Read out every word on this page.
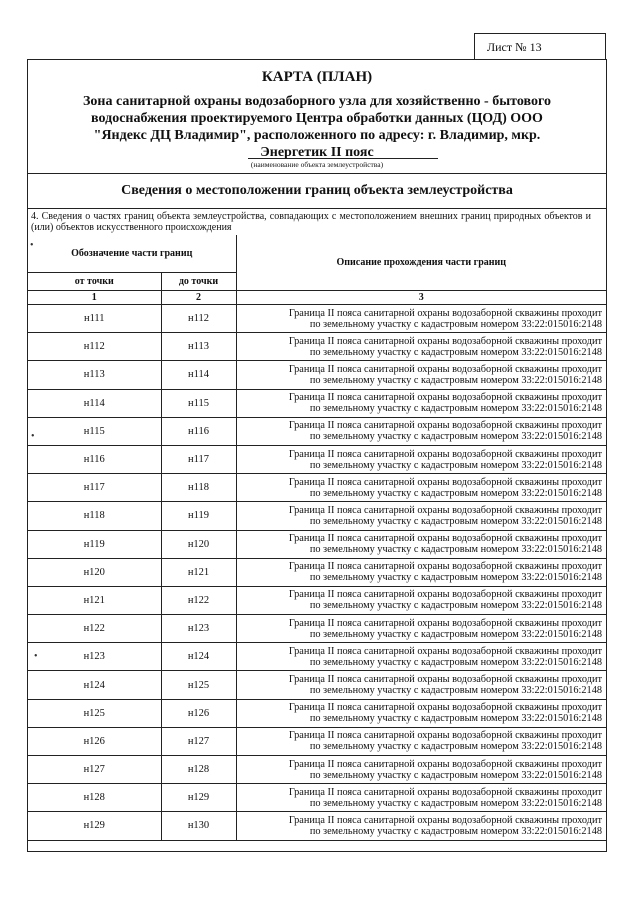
Лист № 13
КАРТА (ПЛАН)
Зона санитарной охраны водозаборного узла для хозяйственно - бытового водоснабжения проектируемого Центра обработки данных (ЦОД) ООО "Яндекс ДЦ Владимир", расположенного по адресу: г. Владимир, мкр. Энергетик II пояс
(наименование объекта землеустройства)
Сведения о местоположении границ объекта землеустройства
4. Сведения о частях границ объекта землеустройства, совпадающих с местоположением внешних границ природных объектов и (или) объектов искусственного происхождения
Обозначение части границ		Описание прохождения части границ
от точки	до точки	
1	2	3
н111	н112	Граница II пояса санитарной охраны водозаборной скважины проходит
по земельному участку с кадастровым номером 33:22:015016:2148

н112	н113	Граница II пояса санитарной охраны водозаборной скважины проходит
по земельному участку с кадастровым номером 33:22:015016:2148

н113	н114	Граница II пояса санитарной охраны водозаборной скважины проходит
по земельному участку с кадастровым номером 33:22:015016:2148

н114	н115	Граница II пояса санитарной охраны водозаборной скважины проходит
по земельному участку с кадастровым номером 33:22:015016:2148

н115	н116	Граница II пояса санитарной охраны водозаборной скважины проходит
по земельному участку с кадастровым номером 33:22:015016:2148

н116	н117	Граница II пояса санитарной охраны водозаборной скважины проходит
по земельному участку с кадастровым номером 33:22:015016:2148

н117	н118	Граница II пояса санитарной охраны водозаборной скважины проходит
по земельному участку с кадастровым номером 33:22:015016:2148

н118	н119	Граница II пояса санитарной охраны водозаборной скважины проходит
по земельному участку с кадастровым номером 33:22:015016:2148

н119	н120	Граница II пояса санитарной охраны водозаборной скважины проходит
по земельному участку с кадастровым номером 33:22:015016:2148

н120	н121	Граница II пояса санитарной охраны водозаборной скважины проходит
по земельному участку с кадастровым номером 33:22:015016:2148

н121	н122	Граница II пояса санитарной охраны водозаборной скважины проходит
по земельному участку с кадастровым номером 33:22:015016:2148

н122	н123	Граница II пояса санитарной охраны водозаборной скважины проходит
по земельному участку с кадастровым номером 33:22:015016:2148

н123	н124	Граница II пояса санитарной охраны водозаборной скважины проходит
по земельному участку с кадастровым номером 33:22:015016:2148

н124	н125	Граница II пояса санитарной охраны водозаборной скважины проходит
по земельному участку с кадастровым номером 33:22:015016:2148

н125	н126	Граница II пояса санитарной охраны водозаборной скважины проходит
по земельному участку с кадастровым номером 33:22:015016:2148

н126	н127	Граница II пояса санитарной охраны водозаборной скважины проходит
по земельному участку с кадастровым номером 33:22:015016:2148

н127	н128	Граница II пояса санитарной охраны водозаборной скважины проходит
по земельному участку с кадастровым номером 33:22:015016:2148

н128	н129	Граница II пояса санитарной охраны водозаборной скважины проходит
по земельному участку с кадастровым номером 33:22:015016:2148

н129	н130	Граница II пояса санитарной охраны водозаборной скважины проходит
по земельному участку с кадастровым номером 33:22:015016:2148
•
•
•
